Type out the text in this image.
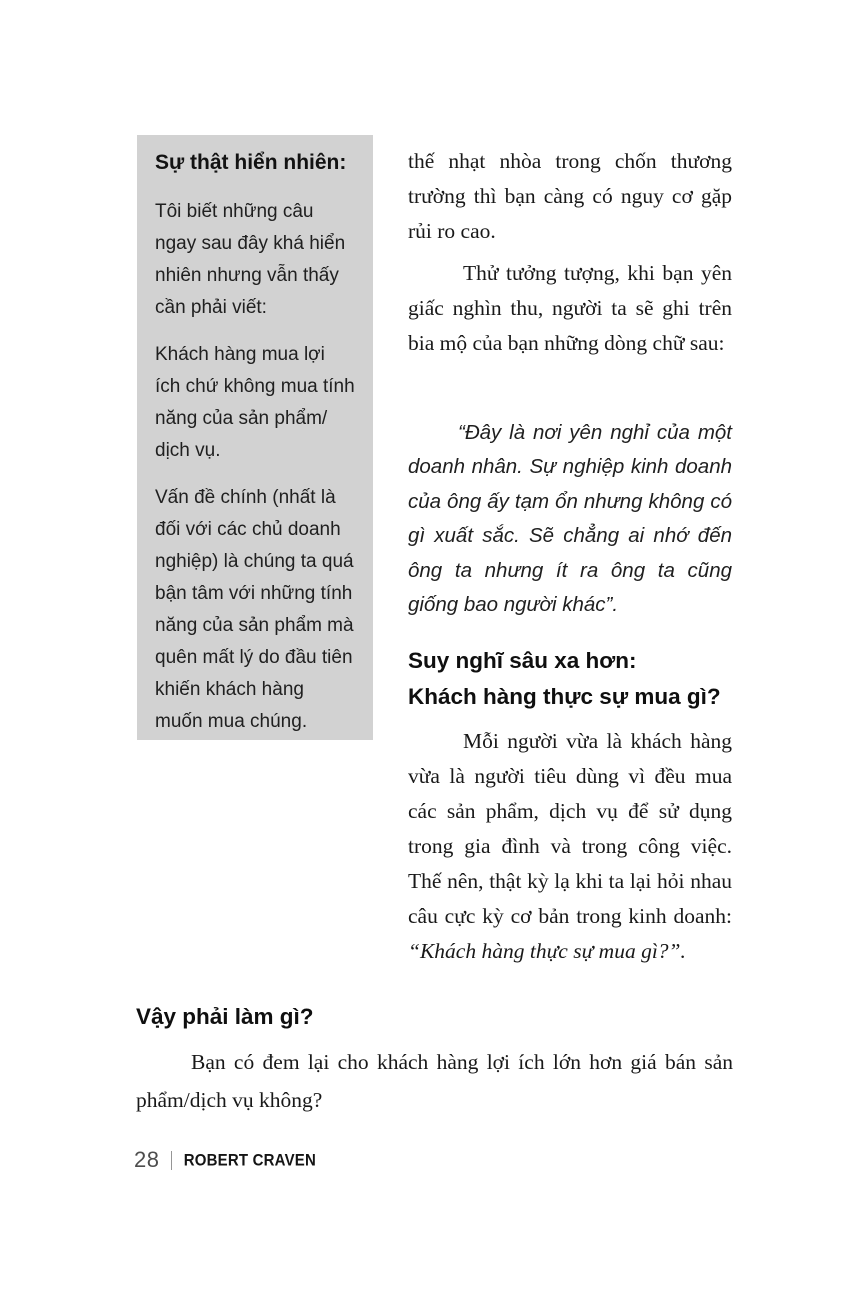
Sự thật hiển nhiên:

Tôi biết những câu ngay sau đây khá hiển nhiên nhưng vẫn thấy cần phải viết:

Khách hàng mua lợi ích chứ không mua tính năng của sản phẩm/ dịch vụ.

Vấn đề chính (nhất là đối với các chủ doanh nghiệp) là chúng ta quá bận tâm với những tính năng của sản phẩm mà quên mất lý do đầu tiên khiến khách hàng muốn mua chúng.

thế nhạt nhòa trong chốn thương trường thì bạn càng có nguy cơ gặp rủi ro cao.

Thử tưởng tượng, khi bạn yên giấc nghìn thu, người ta sẽ ghi trên bia mộ của bạn những dòng chữ sau:

“Đây là nơi yên nghỉ của một doanh nhân. Sự nghiệp kinh doanh của ông ấy tạm ổn nhưng không có gì xuất sắc. Sẽ chẳng ai nhớ đến ông ta nhưng ít ra ông ta cũng giống bao người khác”.

Suy nghĩ sâu xa hơn:
Khách hàng thực sự mua gì?

Mỗi người vừa là khách hàng vừa là người tiêu dùng vì đều mua các sản phẩm, dịch vụ để sử dụng trong gia đình và trong công việc. Thế nên, thật kỳ lạ khi ta lại hỏi nhau câu cực kỳ cơ bản trong kinh doanh: “Khách hàng thực sự mua gì?”.

Vậy phải làm gì?

Bạn có đem lại cho khách hàng lợi ích lớn hơn giá bán sản phẩm/dịch vụ không?

28 | ROBERT CRAVEN
